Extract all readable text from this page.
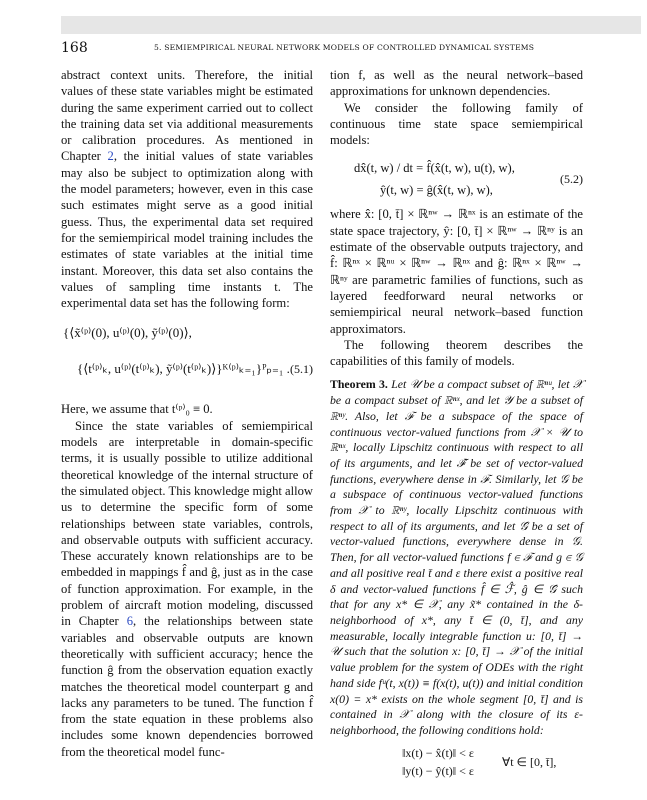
168	5. SEMIEMPIRICAL NEURAL NETWORK MODELS OF CONTROLLED DYNAMICAL SYSTEMS

abstract context units. Therefore, the initial values of these state variables might be estimated during the same experiment carried out to collect the training data set via additional measurements or calibration procedures. As mentioned in Chapter 2, the initial values of state variables may also be subject to optimization along with the model parameters; however, even in this case such estimates might serve as a good initial guess. Thus, the experimental data set required for the semiempirical model training includes the estimates of state variables at the initial time instant. Moreover, this data set also contains the values of sampling time instants t. The experimental data set has the following form:

{⟨x̃⁽ᵖ⁾(0), u⁽ᵖ⁾(0), ỹ⁽ᵖ⁾(0)⟩,
{⟨t⁽ᵖ⁾ₖ, u⁽ᵖ⁾(t⁽ᵖ⁾ₖ), ỹ⁽ᵖ⁾(t⁽ᵖ⁾ₖ)⟩}ᴷ⁽ᵖ⁾ₖ₌₁}ᴾₚ₌₁ . (5.1)

Here, we assume that t⁽ᵖ⁾₀ ≡ 0.

Since the state variables of semiempirical models are interpretable in domain-specific terms, it is usually possible to utilize additional theoretical knowledge of the internal structure of the simulated object. This knowledge might allow us to determine the specific form of some relationships between state variables, controls, and observable outputs with sufficient accuracy. These accurately known relationships are to be embedded in mappings f̂ and ĝ, just as in the case of function approximation. For example, in the problem of aircraft motion modeling, discussed in Chapter 6, the relationships between state variables and observable outputs are known theoretically with sufficient accuracy; hence the function ĝ from the observation equation exactly matches the theoretical model counterpart g and lacks any parameters to be tuned. The function f̂ from the state equation in these problems also includes some known dependencies borrowed from the theoretical model func-

tion f, as well as the neural network–based approximations for unknown dependencies.

We consider the following family of continuous time state space semiempirical models:

dx̂(t, w) / dt = f̂(x̂(t, w), u(t), w),
ŷ(t, w) = ĝ(x̂(t, w), w),
(5.2)

where x̂: [0, t̄] × ℝⁿʷ → ℝⁿˣ is an estimate of the state space trajectory, ŷ: [0, t̄] × ℝⁿʷ → ℝⁿʸ is an estimate of the observable outputs trajectory, and f̂: ℝⁿˣ × ℝⁿᵘ × ℝⁿʷ → ℝⁿˣ and ĝ: ℝⁿˣ × ℝⁿʷ → ℝⁿʸ are parametric families of functions, such as layered feedforward neural networks or semiempirical neural network–based function approximators.

The following theorem describes the capabilities of this family of models.

Theorem 3. Let 𝒰 be a compact subset of ℝⁿᵘ, let 𝒳 be a compact subset of ℝⁿˣ, and let 𝒴 be a subset of ℝⁿʸ. Also, let ℱ be a subspace of the space of continuous vector-valued functions from 𝒳 × 𝒰 to ℝⁿˣ, locally Lipschitz continuous with respect to all of its arguments, and let ℱ̂ be set of vector-valued functions, everywhere dense in ℱ. Similarly, let 𝒢 be a subspace of continuous vector-valued functions from 𝒳 to ℝⁿʸ, locally Lipschitz continuous with respect to all of its arguments, and let 𝒢̂ be a set of vector-valued functions, everywhere dense in 𝒢. Then, for all vector-valued functions f ∈ ℱ and g ∈ 𝒢 and all positive real t̄ and ε there exist a positive real δ and vector-valued functions f̂ ∈ ℱ̂, ĝ ∈ 𝒢̂ such that for any x* ∈ 𝒳, any x̃* contained in the δ-neighborhood of x*, any t̄ ∈ (0, t̄], and any measurable, locally integrable function u: [0, t̄] → 𝒰 such that the solution x: [0, t̄] → 𝒳 of the initial value problem for the system of ODEs with the right hand side fᵘ(t, x(t)) ≡ f(x(t), u(t)) and initial condition x(0) = x* exists on the whole segment [0, t̄] and is contained in 𝒳 along with the closure of its ε-neighborhood, the following conditions hold:

‖x(t) − x̂(t)‖ < ε
‖y(t) − ŷ(t)‖ < ε
∀t ∈ [0, t̄],
